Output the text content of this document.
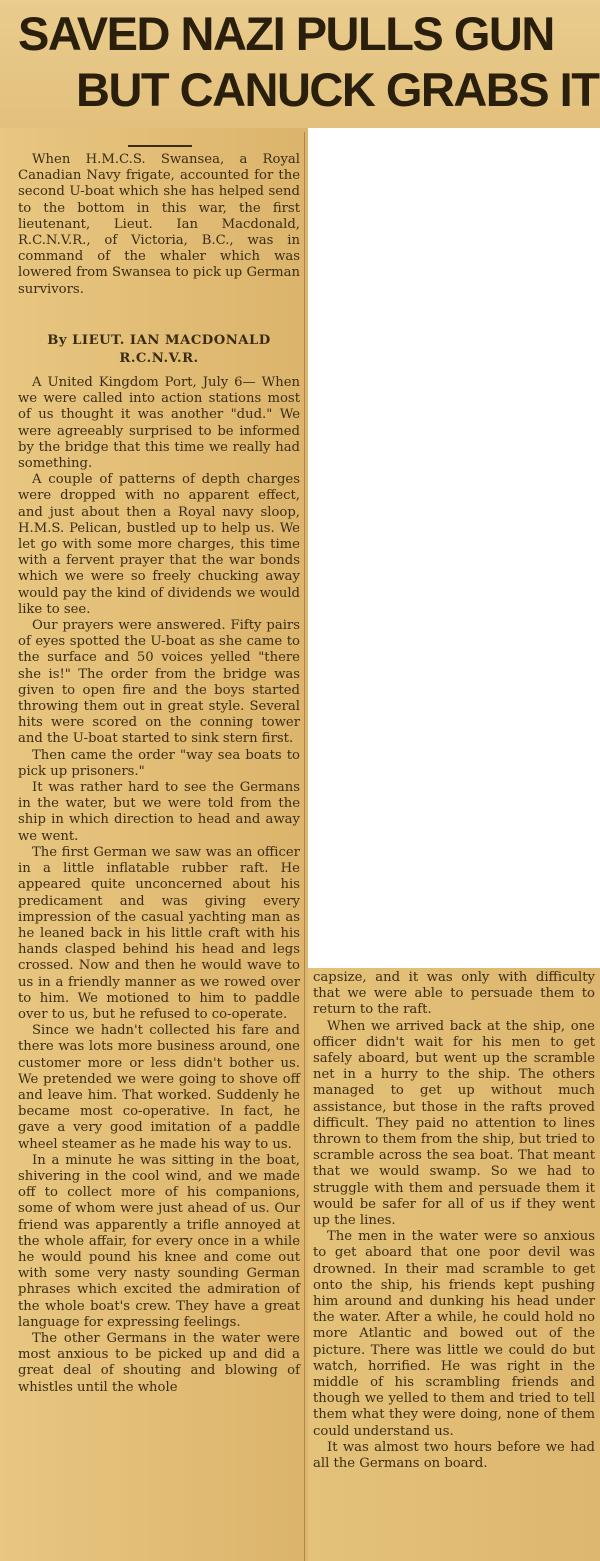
SAVED NAZI PULLS GUN
BUT CANUCK GRABS IT

When H.M.C.S. Swansea, a Royal Canadian Navy frigate, accounted for the second U-boat which she has helped send to the bottom in this war, the first lieutenant, Lieut. Ian Macdonald, R.C.N.V.R., of Victoria, B.C., was in command of the whaler which was lowered from Swansea to pick up German survivors.

By LIEUT. IAN MACDONALD
R.C.N.V.R.

A United Kingdom Port, July 6— When we were called into action stations most of us thought it was another "dud." We were agreeably surprised to be informed by the bridge that this time we really had something.

A couple of patterns of depth charges were dropped with no apparent effect, and just about then a Royal navy sloop, H.M.S. Pelican, bustled up to help us. We let go with some more charges, this time with a fervent prayer that the war bonds which we were so freely chucking away would pay the kind of dividends we would like to see.

Our prayers were answered. Fifty pairs of eyes spotted the U-boat as she came to the surface and 50 voices yelled "there she is!" The order from the bridge was given to open fire and the boys started throwing them out in great style. Several hits were scored on the conning tower and the U-boat started to sink stern first.

Then came the order "way sea boats to pick up prisoners."

It was rather hard to see the Germans in the water, but we were told from the ship in which direction to head and away we went.

The first German we saw was an officer in a little inflatable rubber raft. He appeared quite unconcerned about his predicament and was giving every impression of the casual yachting man as he leaned back in his little craft with his hands clasped behind his head and legs crossed. Now and then he would wave to us in a friendly manner as we rowed over to him. We motioned to him to paddle over to us, but he refused to co-operate.

Since we hadn't collected his fare and there was lots more business around, one customer more or less didn't bother us. We pretended we were going to shove off and leave him. That worked. Suddenly he became most co-operative. In fact, he gave a very good imitation of a paddle wheel steamer as he made his way to us.

In a minute he was sitting in the boat, shivering in the cool wind, and we made off to collect more of his companions, some of whom were just ahead of us. Our friend was apparently a trifle annoyed at the whole affair, for every once in a while he would pound his knee and come out with some very nasty sounding German phrases which excited the admiration of the whole boat's crew. They have a great language for expressing feelings.

The other Germans in the water were most anxious to be picked up and did a great deal of shouting and blowing of whistles until the whole

capsize, and it was only with difficulty that we were able to persuade them to return to the raft.

When we arrived back at the ship, one officer didn't wait for his men to get safely aboard, but went up the scramble net in a hurry to the ship. The others managed to get up without much assistance, but those in the rafts proved difficult. They paid no attention to lines thrown to them from the ship, but tried to scramble across the sea boat. That meant that we would swamp. So we had to struggle with them and persuade them it would be safer for all of us if they went up the lines.

The men in the water were so anxious to get aboard that one poor devil was drowned. In their mad scramble to get onto the ship, his friends kept pushing him around and dunking his head under the water. After a while, he could hold no more Atlantic and bowed out of the picture. There was little we could do but watch, horrified. He was right in the middle of his scrambling friends and though we yelled to them and tried to tell them what they were doing, none of them could understand us.

It was almost two hours before we had all the Germans on board.
